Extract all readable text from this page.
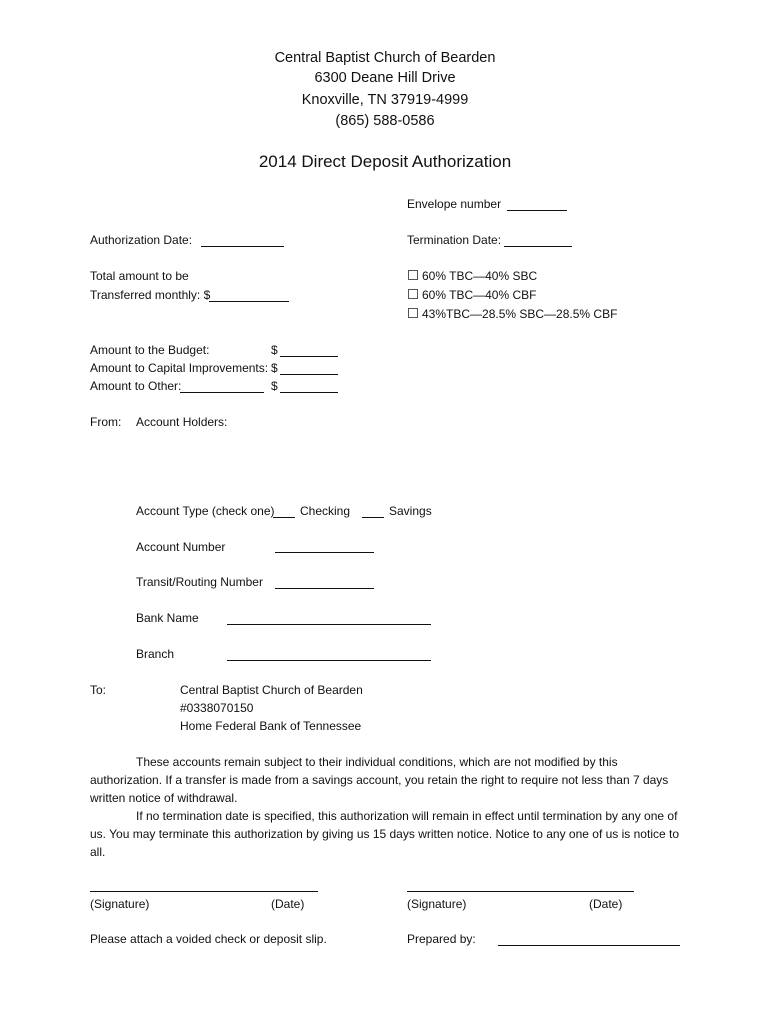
Central Baptist Church of Bearden
6300 Deane Hill Drive
Knoxville, TN 37919-4999
(865) 588-0586
2014 Direct Deposit Authorization
Envelope number
Authorization Date:	Termination Date:
Total amount to be
Transferred monthly: $
60% TBC—40% SBC
60% TBC—40% CBF
43%TBC—28.5% SBC—28.5% CBF
Amount to the Budget:	$
Amount to Capital Improvements: $
Amount to Other:	$
From: Account Holders:
Account Type (check one) Checking	Savings
Account Number
Transit/Routing Number
Bank Name
Branch
To:	Central Baptist Church of Bearden
#0338070150
Home Federal Bank of Tennessee
These accounts remain subject to their individual conditions, which are not modified by this authorization. If a transfer is made from a savings account, you retain the right to require not less than 7 days written notice of withdrawal.
If no termination date is specified, this authorization will remain in effect until termination by any one of us. You may terminate this authorization by giving us 15 days written notice. Notice to any one of us is notice to all.
(Signature)	(Date)	(Signature)	(Date)
Please attach a voided check or deposit slip.	Prepared by:
